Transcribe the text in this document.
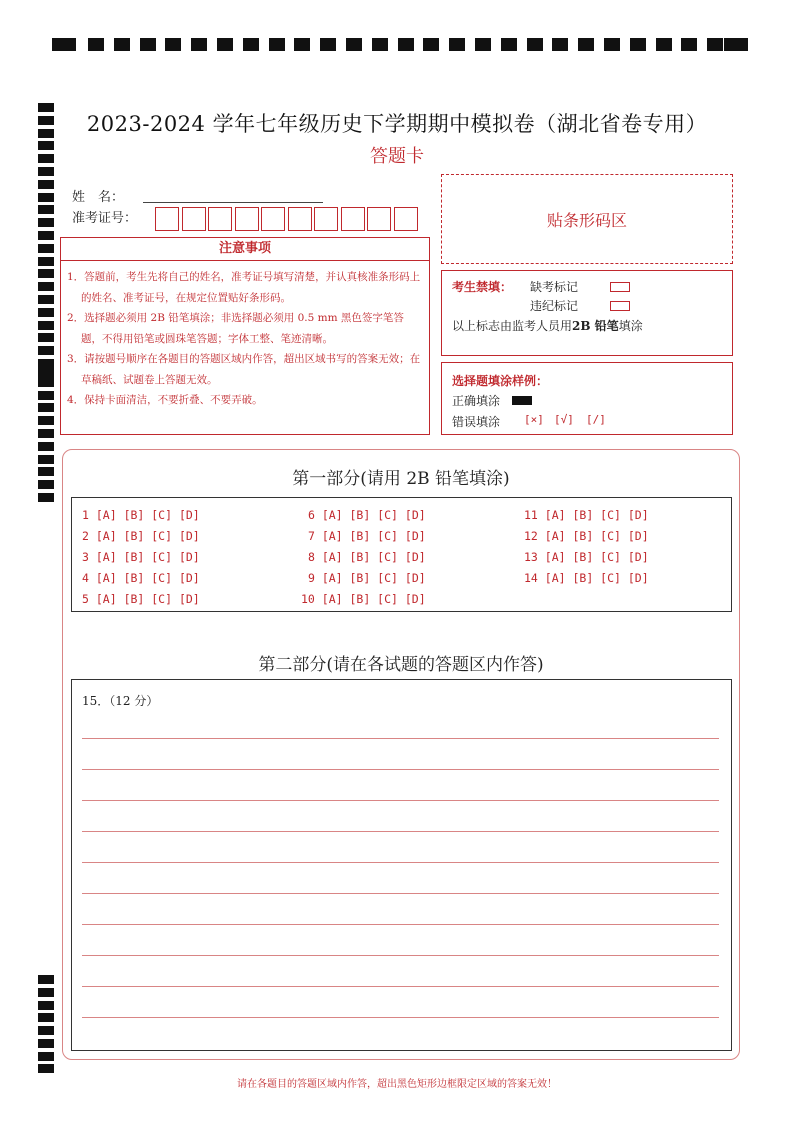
2023-2024 学年七年级历史下学期期中模拟卷（湖北省卷专用）
答题卡
姓　名：
准考证号：
注意事项
1．答题前，考生先将自己的姓名，准考证号填写清楚，并认真核准条形码上的姓名、准考证号，在规定位置贴好条形码。
2．选择题必须用 2B 铅笔填涂；非选择题必须用 0.5 mm 黑色签字笔答题，不得用铅笔或圆珠笔答题；字体工整、笔迹清晰。
3．请按题号顺序在各题目的答题区域内作答，超出区域书写的答案无效；在草稿纸、试题卷上答题无效。
4．保持卡面清洁，不要折叠、不要弄破。
贴条形码区
考生禁填： 缺考标记
违纪标记
以上标志由监考人员用2B 铅笔填涂
选择题填涂样例：
正确填涂
错误填涂 [×] [√] [/]
第一部分(请用 2B 铅笔填涂)
1 [A] [B] [C] [D]
2 [A] [B] [C] [D]
3 [A] [B] [C] [D]
4 [A] [B] [C] [D]
5 [A] [B] [C] [D]
6 [A] [B] [C] [D]
7 [A] [B] [C] [D]
8 [A] [B] [C] [D]
9 [A] [B] [C] [D]
10 [A] [B] [C] [D]
11 [A] [B] [C] [D]
12 [A] [B] [C] [D]
13 [A] [B] [C] [D]
14 [A] [B] [C] [D]
第二部分(请在各试题的答题区内作答)
15．（12 分）
请在各题目的答题区域内作答，超出黑色矩形边框限定区域的答案无效！
